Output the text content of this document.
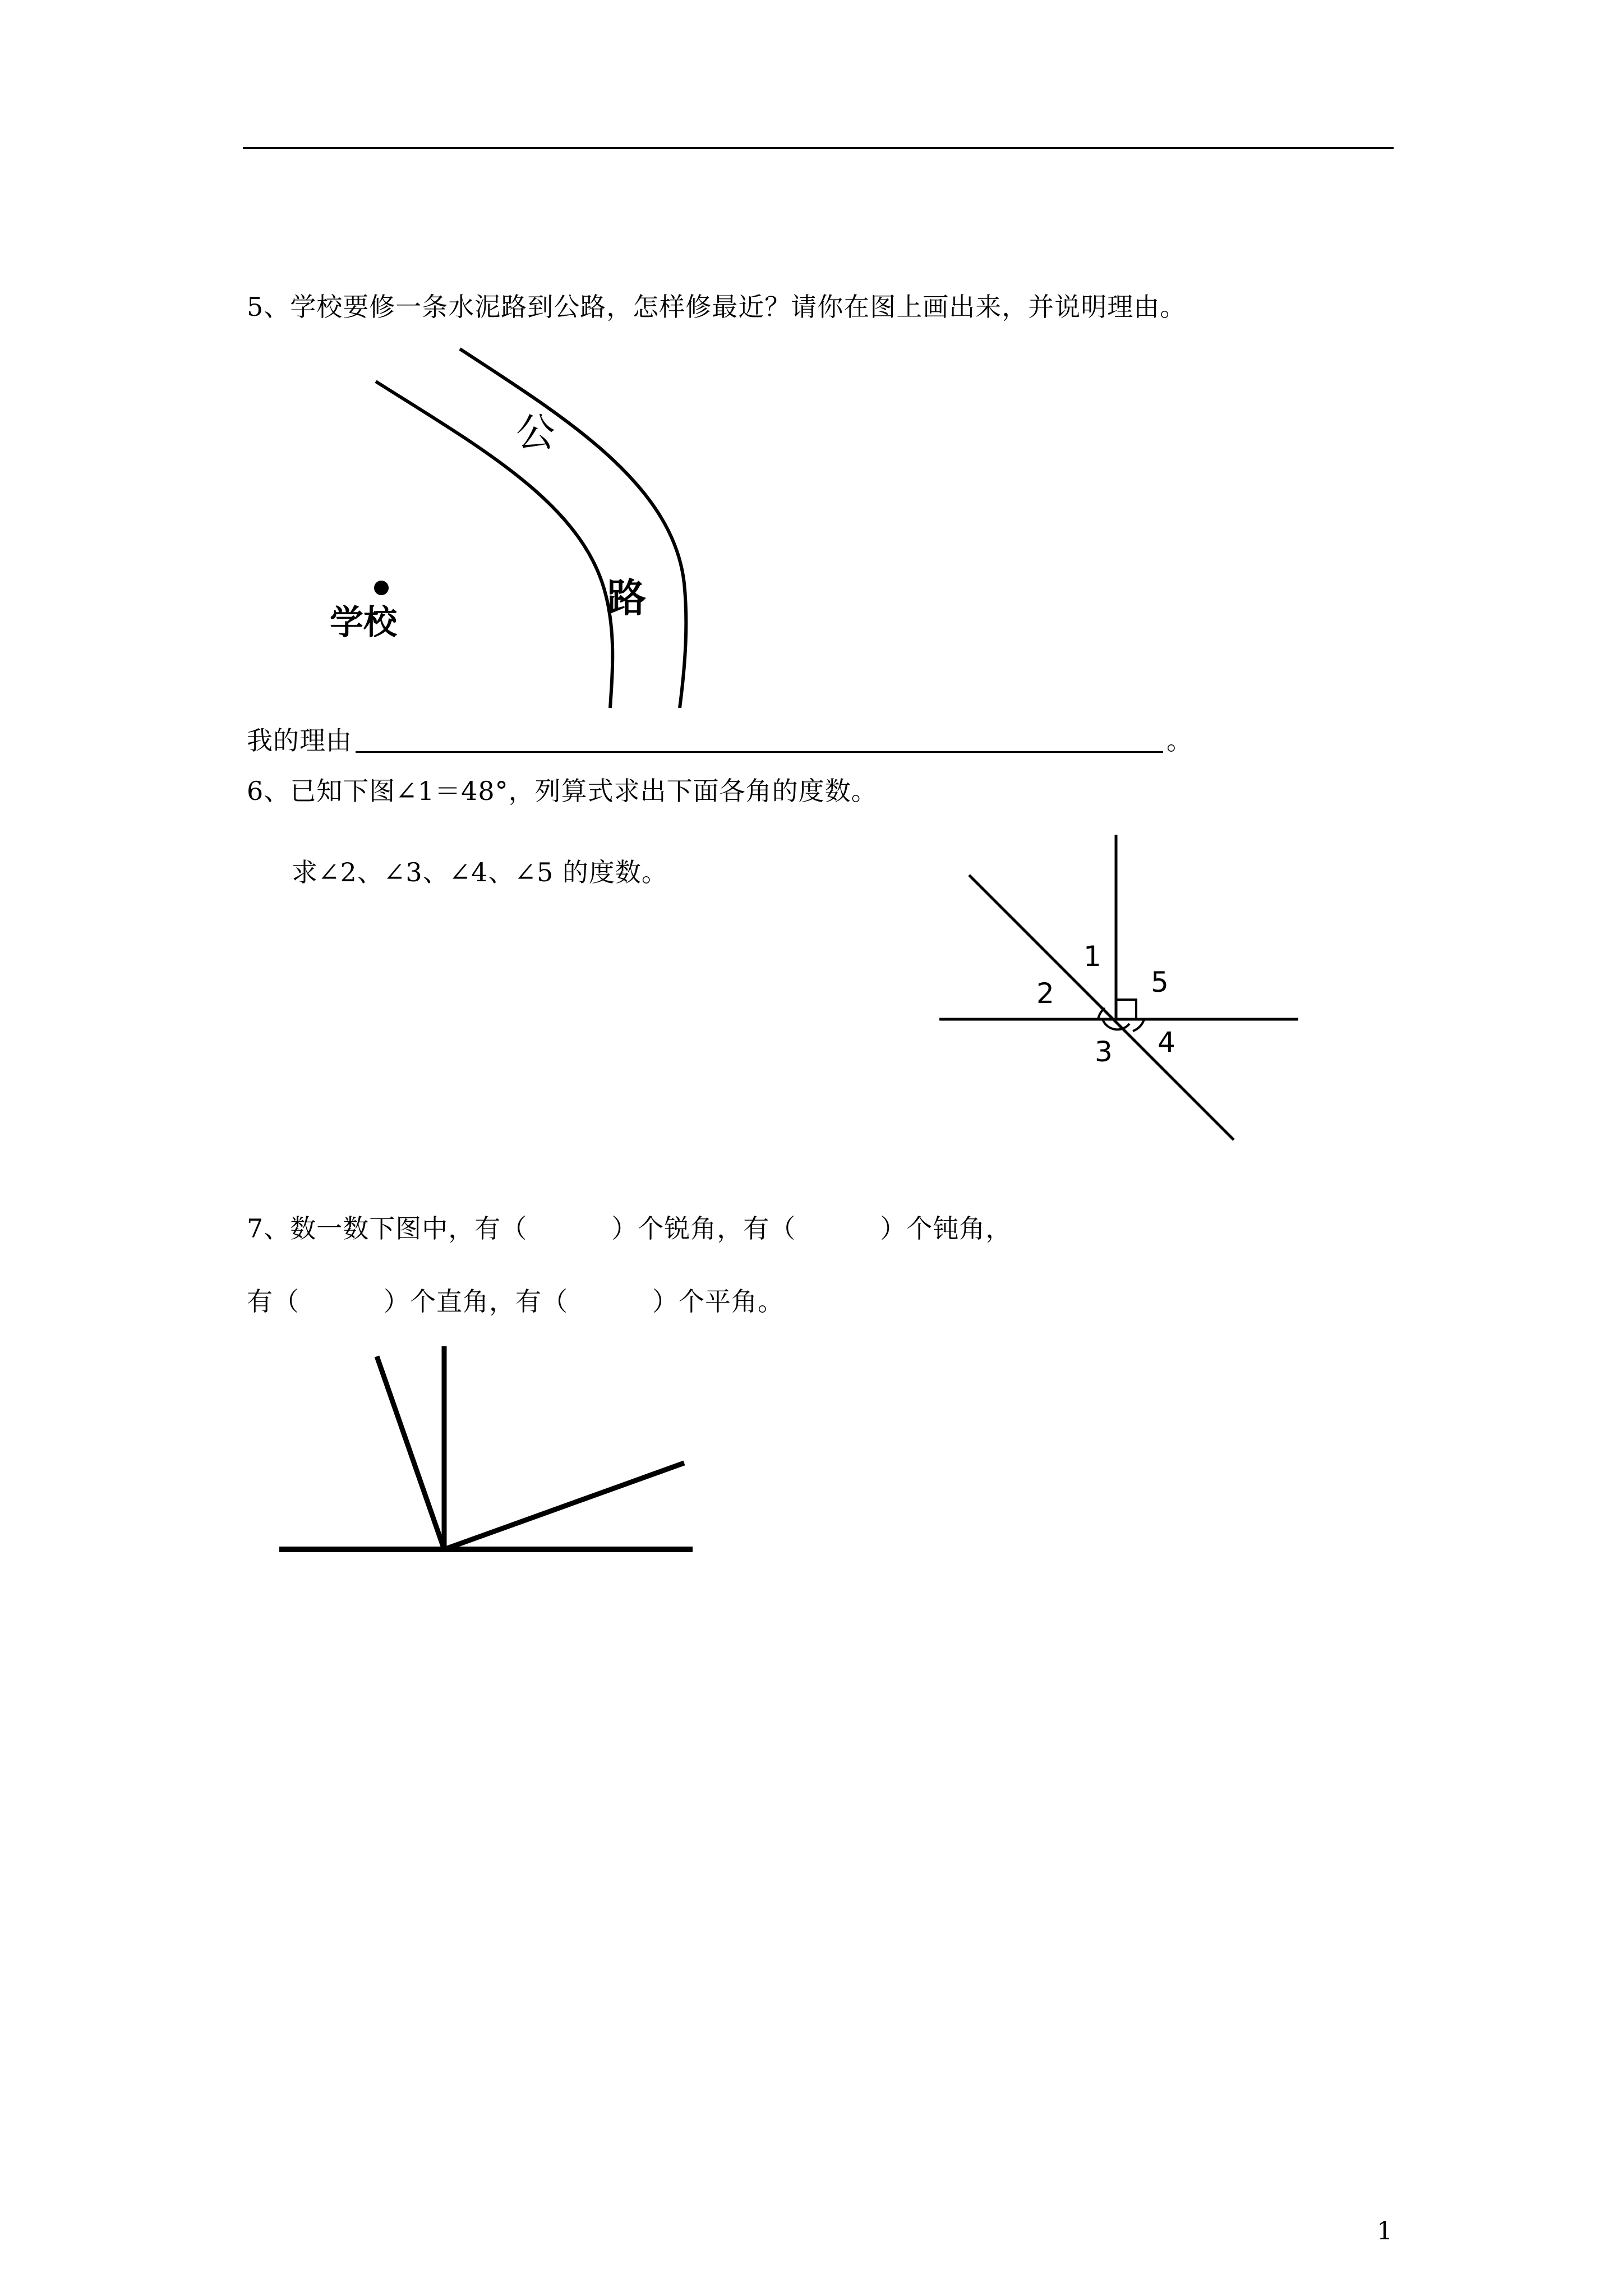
5、学校要修一条水泥路到公路，怎样修最近？请你在图上画出来，并说明理由。
公
路
学校
我的理由	。
6、已知下图∠1＝48°，列算式求出下面各角的度数。
求∠2、∠3、∠4、∠5 的度数。
1
2
3 4
5
7、数一数下图中，有（	）个锐角，有（	）个钝角，
有（	）个直角，有（	）个平角。
1
